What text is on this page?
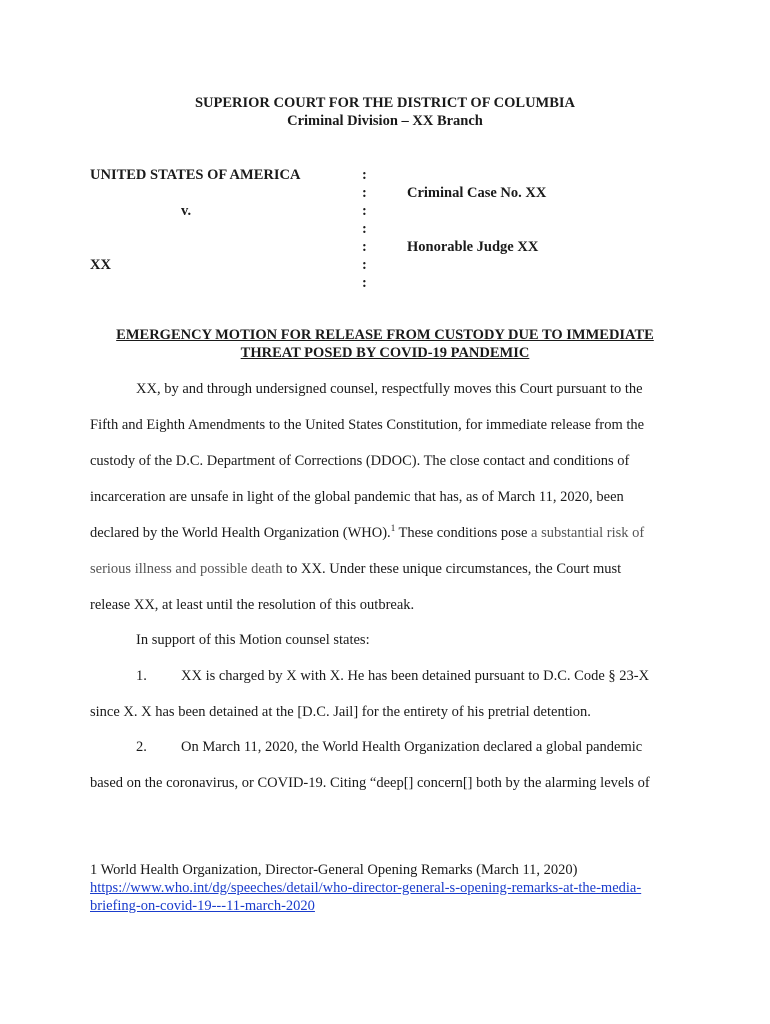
SUPERIOR COURT FOR THE DISTRICT OF COLUMBIA
Criminal Division – XX Branch
UNITED STATES OF AMERICA
v.
XX
:
:
:
:
:
:
:
Criminal Case No. XX
Honorable Judge XX
EMERGENCY MOTION FOR RELEASE FROM CUSTODY DUE TO IMMEDIATE
THREAT POSED BY COVID-19 PANDEMIC
XX, by and through undersigned counsel, respectfully moves this Court pursuant to the
Fifth and Eighth Amendments to the United States Constitution, for immediate release from the
custody of the D.C. Department of Corrections (DDOC). The close contact and conditions of
incarceration are unsafe in light of the global pandemic that has, as of March 11, 2020, been
declared by the World Health Organization (WHO).$^1$ These conditions pose a substantial risk of
serious illness and possible death to XX. Under these unique circumstances, the Court must
release XX, at least until the resolution of this outbreak.
In support of this Motion counsel states:
1. XX is charged by X with X. He has been detained pursuant to D.C. Code § 23-X
since X. X has been detained at the [D.C. Jail] for the entirety of his pretrial detention.
2. On March 11, 2020, the World Health Organization declared a global pandemic
based on the coronavirus, or COVID-19. Citing “deep[] concern[] both by the alarming levels of
1 World Health Organization, Director-General Opening Remarks (March 11, 2020)
https://www.who.int/dg/speeches/detail/who-director-general-s-opening-remarks-at-the-media-
briefing-on-covid-19---11-march-2020
